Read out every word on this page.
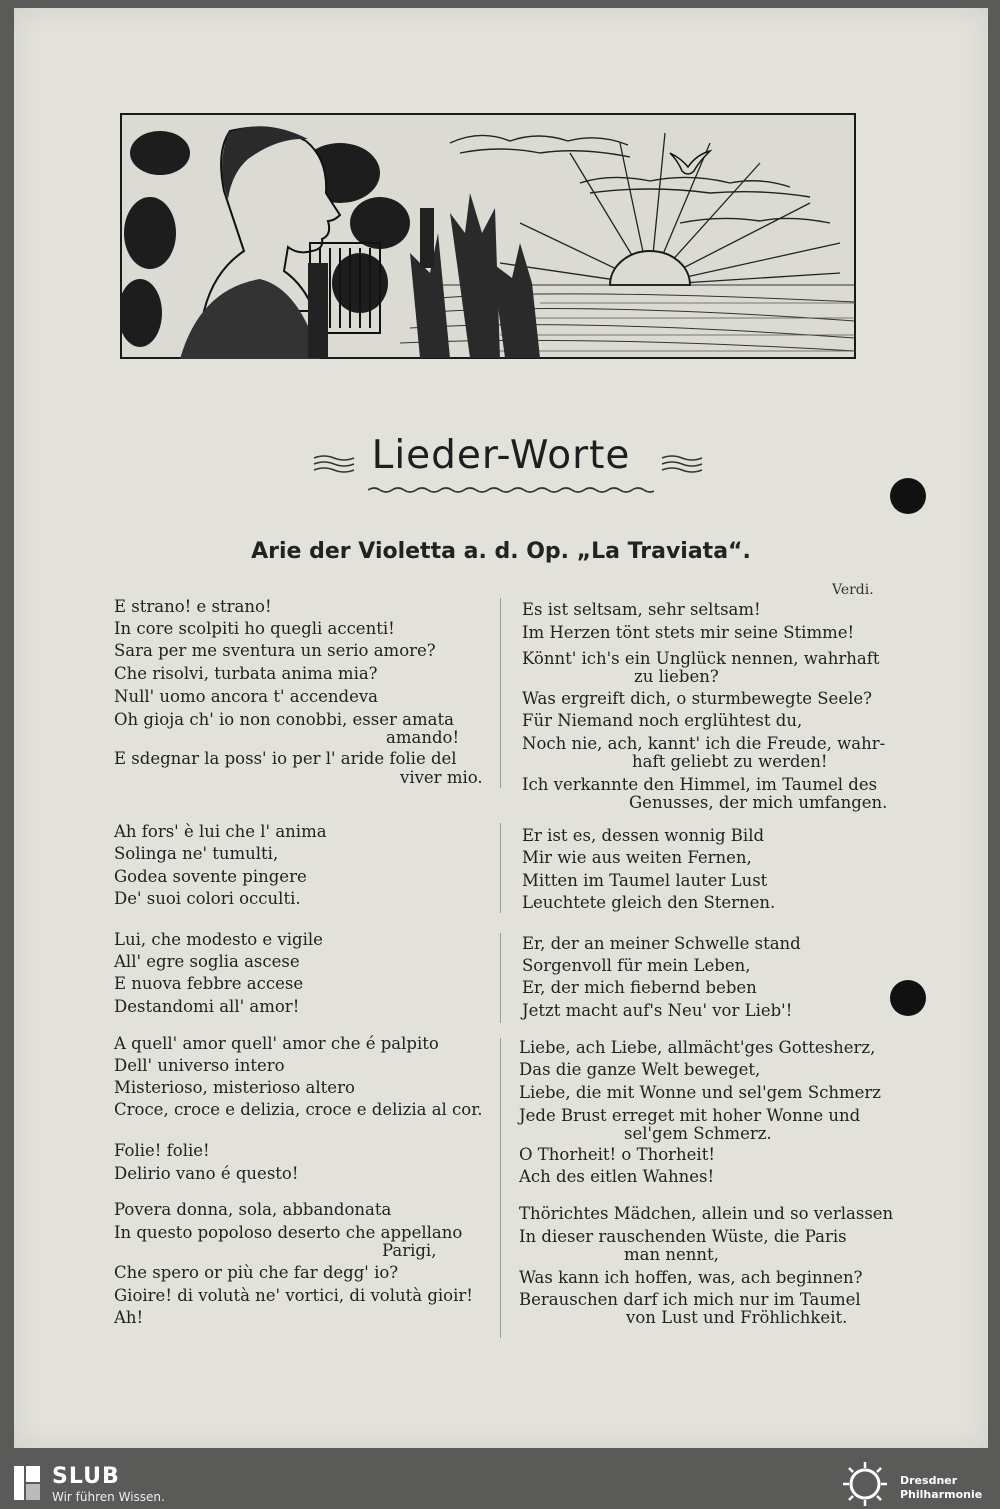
Lieder-Worte
Arie der Violetta a. d. Op. „La Traviata“.
Verdi.
E strano! e strano!
In core scolpiti ho quegli accenti!
Sara per me sventura un serio amore?
Che risolvi, turbata anima mia?
Null' uomo ancora t' accendeva
Oh gioja ch' io non conobbi, esser amata
amando!
E sdegnar la poss' io per l' aride folie del
viver mio.
Ah fors' è lui che l' anima
Solinga ne' tumulti,
Godea sovente pingere
De' suoi colori occulti.
Lui, che modesto e vigile
All' egre soglia ascese
E nuova febbre accese
Destandomi all' amor!
A quell' amor quell' amor che é palpito
Dell' universo intero
Misterioso, misterioso altero
Croce, croce e delizia, croce e delizia al cor.
Folie! folie!
Delirio vano é questo!
Povera donna, sola, abbandonata
In questo popoloso deserto che appellano
Parigi,
Che spero or più che far degg' io?
Gioire! di volutà ne' vortici, di volutà gioir!
Ah!
Es ist seltsam, sehr seltsam!
Im Herzen tönt stets mir seine Stimme!
Könnt' ich's ein Unglück nennen, wahrhaft
zu lieben?
Was ergreift dich, o sturmbewegte Seele?
Für Niemand noch erglühtest du,
Noch nie, ach, kannt' ich die Freude, wahr-
haft geliebt zu werden!
Ich verkannte den Himmel, im Taumel des
Genusses, der mich umfangen.
Er ist es, dessen wonnig Bild
Mir wie aus weiten Fernen,
Mitten im Taumel lauter Lust
Leuchtete gleich den Sternen.
Er, der an meiner Schwelle stand
Sorgenvoll für mein Leben,
Er, der mich fiebernd beben
Jetzt macht auf's Neu' vor Lieb'!
Liebe, ach Liebe, allmächt'ges Gottesherz,
Das die ganze Welt beweget,
Liebe, die mit Wonne und sel'gem Schmerz
Jede Brust erreget mit hoher Wonne und
sel'gem Schmerz.
O Thorheit! o Thorheit!
Ach des eitlen Wahnes!
Thörichtes Mädchen, allein und so verlassen
In dieser rauschenden Wüste, die Paris
man nennt,
Was kann ich hoffen, was, ach beginnen?
Berauschen darf ich mich nur im Taumel
von Lust und Fröhlichkeit.
SLUB
Wir führen Wissen.
Dresdner
Philharmonie
